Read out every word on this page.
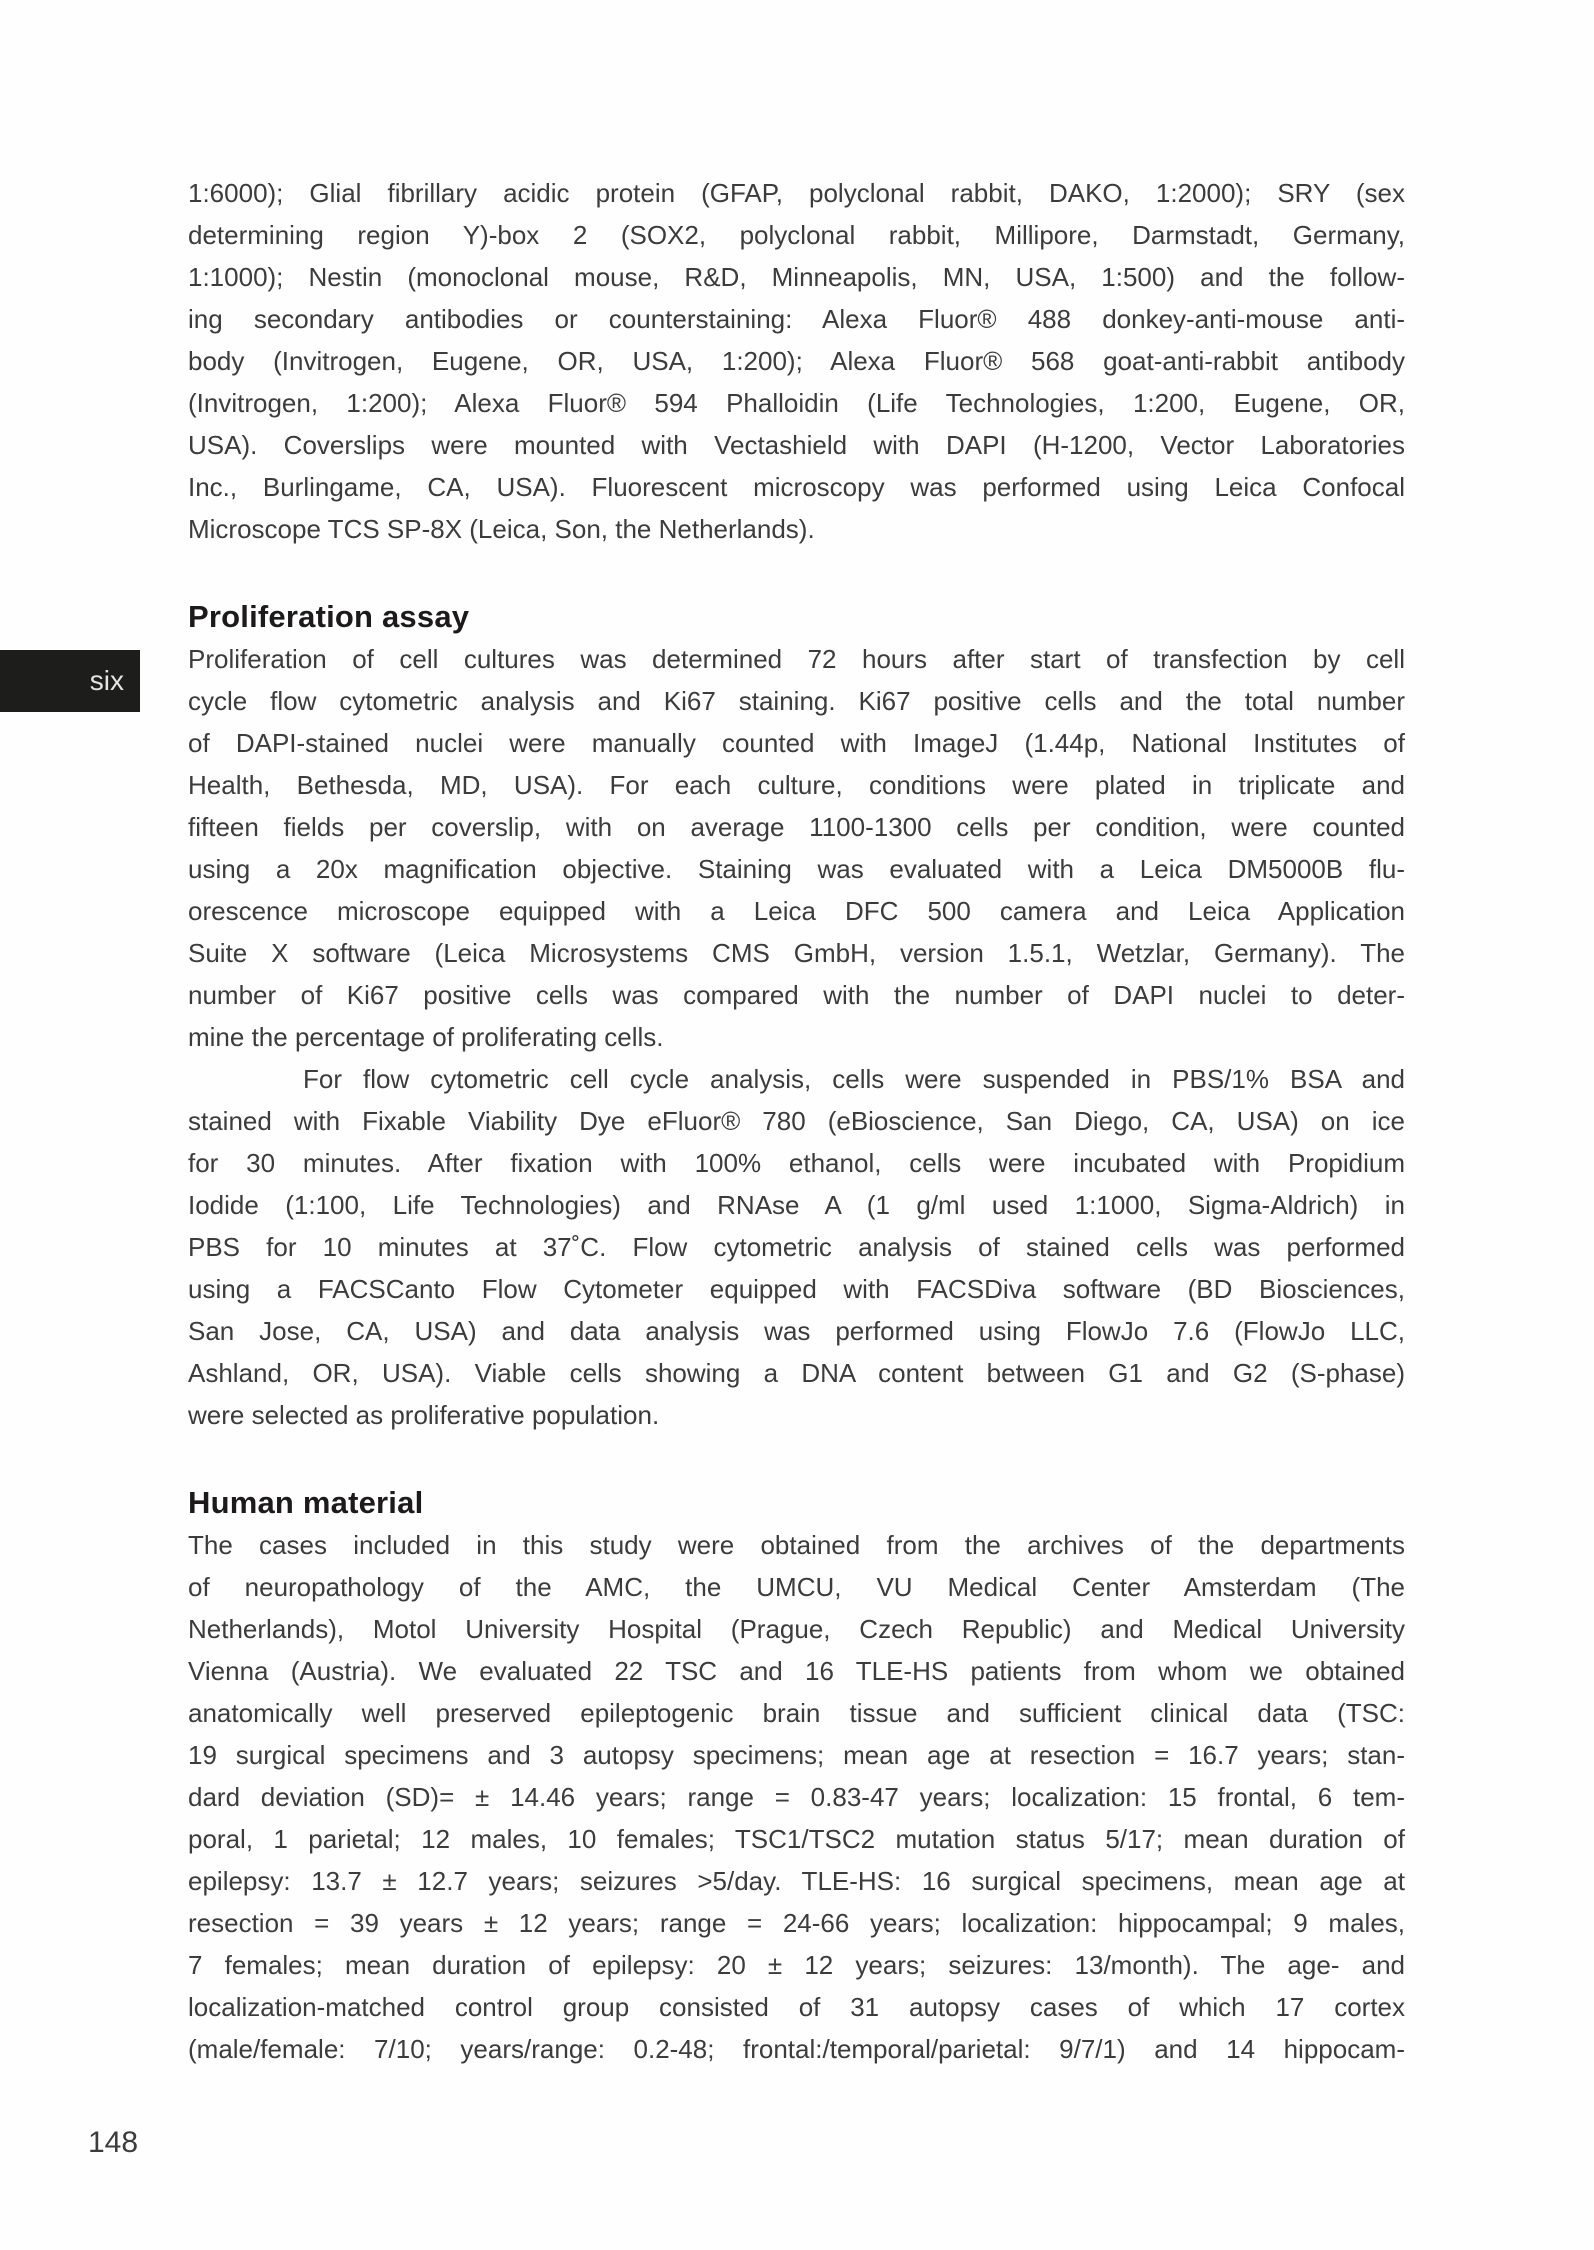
six
1:6000); Glial fibrillary acidic protein (GFAP, polyclonal rabbit, DAKO, 1:2000); SRY (sex
determining region Y)-box 2 (SOX2, polyclonal rabbit, Millipore, Darmstadt, Germany,
1:1000); Nestin (monoclonal mouse, R&D, Minneapolis, MN, USA, 1:500) and the follow-
ing secondary antibodies or counterstaining: Alexa Fluor® 488 donkey-anti-mouse anti-
body (Invitrogen, Eugene, OR, USA, 1:200); Alexa Fluor® 568 goat-anti-rabbit antibody
(Invitrogen, 1:200); Alexa Fluor® 594 Phalloidin (Life Technologies, 1:200, Eugene, OR,
USA). Coverslips were mounted with Vectashield with DAPI (H-1200, Vector Laboratories
Inc., Burlingame, CA, USA). Fluorescent microscopy was performed using Leica Confocal
Microscope TCS SP-8X (Leica, Son, the Netherlands).
Proliferation assay
Proliferation of cell cultures was determined 72 hours after start of transfection by cell
cycle flow cytometric analysis and Ki67 staining. Ki67 positive cells and the total number
of DAPI-stained nuclei were manually counted with ImageJ (1.44p, National Institutes of
Health, Bethesda, MD, USA). For each culture, conditions were plated in triplicate and
fifteen fields per coverslip, with on average 1100-1300 cells per condition, were counted
using a 20x magnification objective. Staining was evaluated with a Leica DM5000B flu-
orescence microscope equipped with a Leica DFC 500 camera and Leica Application
Suite X software (Leica Microsystems CMS GmbH, version 1.5.1, Wetzlar, Germany). The
number of Ki67 positive cells was compared with the number of DAPI nuclei to deter-
mine the percentage of proliferating cells.
For flow cytometric cell cycle analysis, cells were suspended in PBS/1% BSA and
stained with Fixable Viability Dye eFluor® 780 (eBioscience, San Diego, CA, USA) on ice
for 30 minutes. After fixation with 100% ethanol, cells were incubated with Propidium
Iodide (1:100, Life Technologies) and RNAse A (1 g/ml used 1:1000, Sigma-Aldrich) in
PBS for 10 minutes at 37˚C. Flow cytometric analysis of stained cells was performed
using a FACSCanto Flow Cytometer equipped with FACSDiva software (BD Biosciences,
San Jose, CA, USA) and data analysis was performed using FlowJo 7.6 (FlowJo LLC,
Ashland, OR, USA). Viable cells showing a DNA content between G1 and G2 (S-phase)
were selected as proliferative population.
Human material
The cases included in this study were obtained from the archives of the departments
of neuropathology of the AMC, the UMCU, VU Medical Center Amsterdam (The
Netherlands), Motol University Hospital (Prague, Czech Republic) and Medical University
Vienna (Austria). We evaluated 22 TSC and 16 TLE-HS patients from whom we obtained
anatomically well preserved epileptogenic brain tissue and sufficient clinical data (TSC:
19 surgical specimens and 3 autopsy specimens; mean age at resection = 16.7 years; stan-
dard deviation (SD)= ± 14.46 years; range = 0.83-47 years; localization: 15 frontal, 6 tem-
poral, 1 parietal; 12 males, 10 females; TSC1/TSC2 mutation status 5/17; mean duration of
epilepsy: 13.7 ± 12.7 years; seizures >5/day. TLE-HS: 16 surgical specimens, mean age at
resection = 39 years ± 12 years; range = 24-66 years; localization: hippocampal; 9 males,
7 females; mean duration of epilepsy: 20 ± 12 years; seizures: 13/month). The age- and
localization-matched control group consisted of 31 autopsy cases of which 17 cortex
(male/female: 7/10; years/range: 0.2-48; frontal:/temporal/parietal: 9/7/1) and 14 hippocam-
148
